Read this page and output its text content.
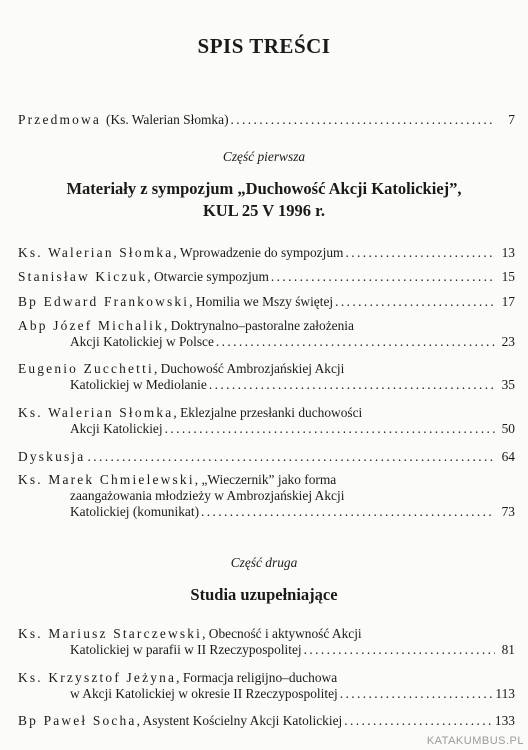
SPIS TREŚCI
Przedmowa (Ks. Walerian Słomka) .....	7
Część pierwsza
Materiały z sympozjum „Duchowość Akcji Katolickiej”,
KUL 25 V 1996 r.
Ks. Walerian Słomka , Wprowadzenie do sympozjum .....	13
Stanisław Kiczuk , Otwarcie sympozjum .....	15
Bp Edward Frankowski , Homilia we Mszy świętej .....	17
Abp Józef Michalik , Doktrynalno–pastoralne założenia
Akcji Katolickiej w Polsce .....	23
Eugenio Zucchetti , Duchowość Ambrozjańskiej Akcji
Katolickiej w Mediolanie .....	35
Ks. Walerian Słomka , Eklezjalne przesłanki duchowości
Akcji Katolickiej .....	50
Dyskusja .....	64
Ks. Marek Chmielewski , „Wieczernik” jako forma
zaangażowania młodzieży w Ambrozjańskiej Akcji
Katolickiej (komunikat) .....	73
Część druga
Studia uzupełniające
Ks. Mariusz Starczewski , Obecność i aktywność Akcji
Katolickiej w parafii w II Rzeczypospolitej .....	81
Ks. Krzysztof Jeżyna , Formacja religijno–duchowa
w Akcji Katolickiej w okresie II Rzeczypospolitej .....	113
Bp Paweł Socha , Asystent Kościelny Akcji Katolickiej .....	133
KATAKUMBUS.PL
